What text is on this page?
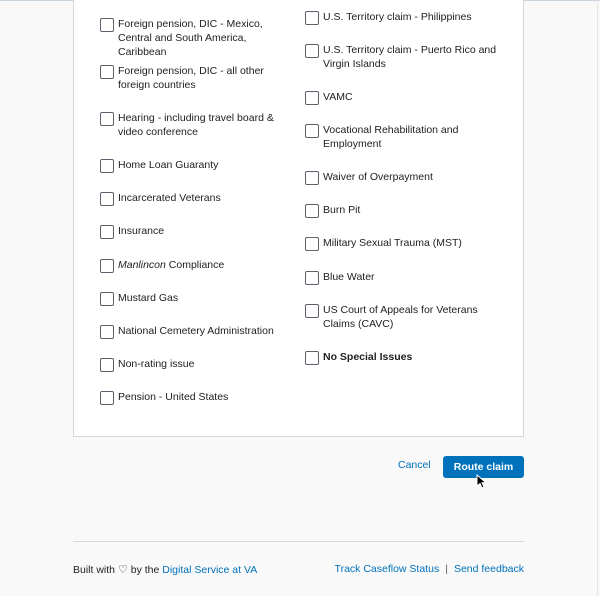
Foreign pension, DIC - Mexico, Central and South America, Caribbean
Foreign pension, DIC - all other foreign countries
Hearing - including travel board & video conference
Home Loan Guaranty
Incarcerated Veterans
Insurance
Manlincon Compliance
Mustard Gas
National Cemetery Administration
Non-rating issue
Pension - United States
U.S. Territory claim - Philippines
U.S. Territory claim - Puerto Rico and Virgin Islands
VAMC
Vocational Rehabilitation and Employment
Waiver of Overpayment
Burn Pit
Military Sexual Trauma (MST)
Blue Water
US Court of Appeals for Veterans Claims (CAVC)
No Special Issues
Cancel	Route claim
Built with ♡ by the Digital Service at VA	Track Caseflow Status | Send feedback
